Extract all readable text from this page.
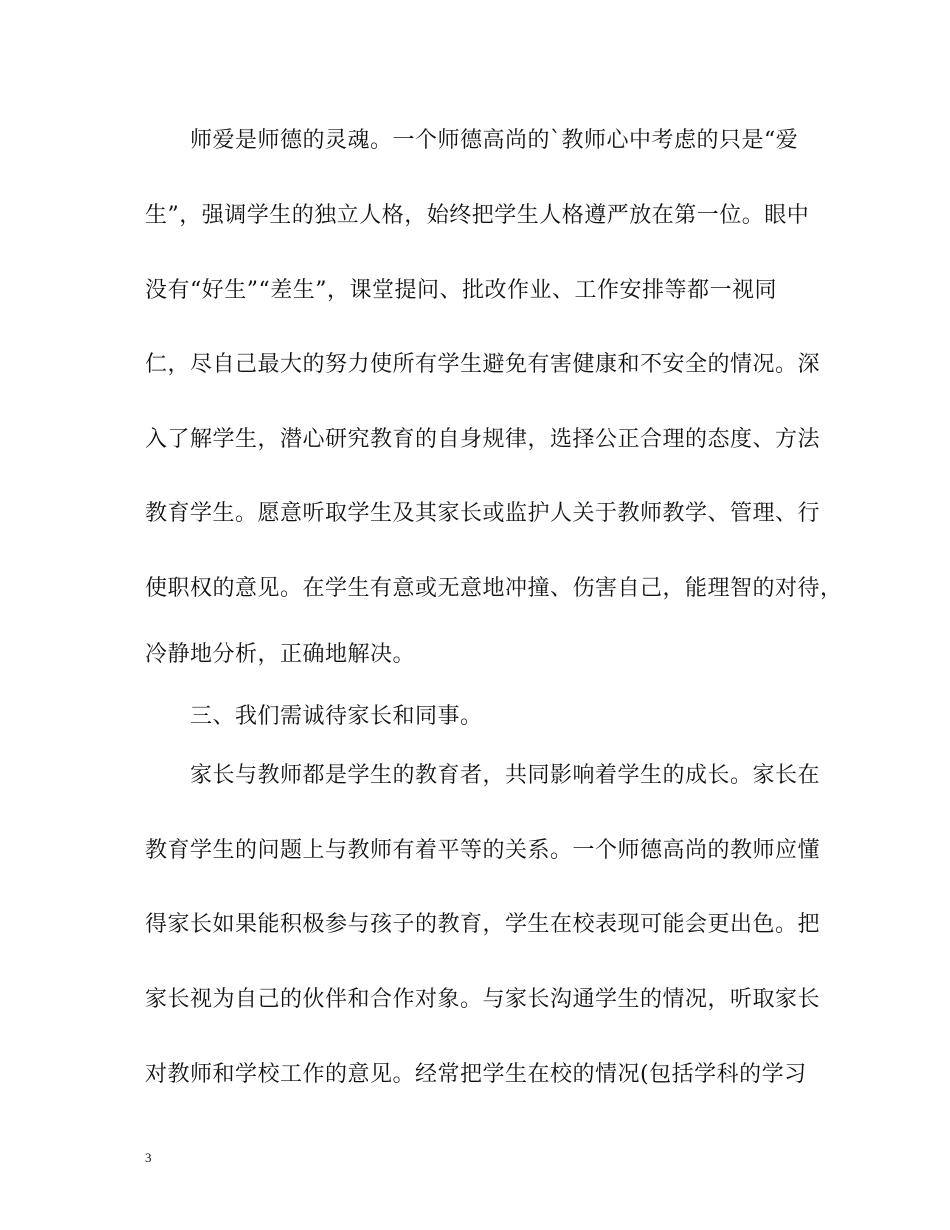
师爱是师德的灵魂。一个师德高尚的`教师心中考虑的只是“爱
生”，强调学生的独立人格，始终把学生人格遵严放在第一位。眼中
没有“好生”“差生”，课堂提问、批改作业、工作安排等都一视同
仁，尽自己最大的努力使所有学生避免有害健康和不安全的情况。深
入了解学生，潜心研究教育的自身规律，选择公正合理的态度、方法
教育学生。愿意听取学生及其家长或监护人关于教师教学、管理、行
使职权的意见。在学生有意或无意地冲撞、伤害自己，能理智的对待，
冷静地分析，正确地解决。
三、我们需诚待家长和同事。
家长与教师都是学生的教育者，共同影响着学生的成长。家长在
教育学生的问题上与教师有着平等的关系。一个师德高尚的教师应懂
得家长如果能积极参与孩子的教育，学生在校表现可能会更出色。把
家长视为自己的伙伴和合作对象。与家长沟通学生的情况，听取家长
对教师和学校工作的意见。经常把学生在校的情况(包括学科的学习
3
